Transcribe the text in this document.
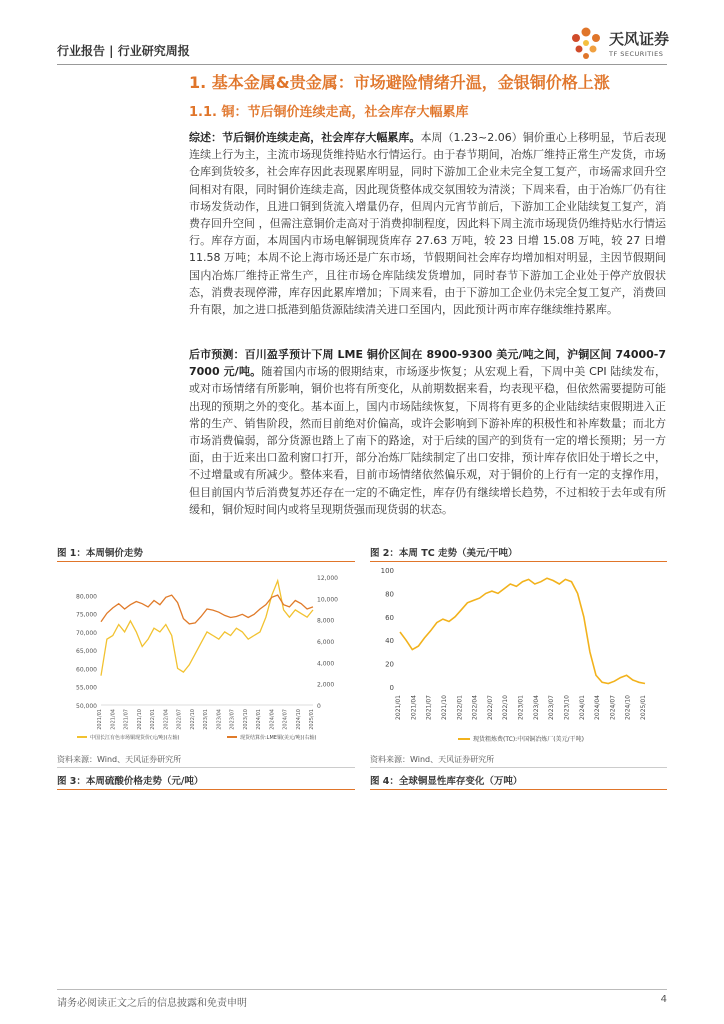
行业报告 | 行业研究周报

天风证券
TF SECURITIES
1. 基本金属&贵金属：市场避险情绪升温，金银铜价格上涨
1.1. 铜：节后铜价连续走高，社会库存大幅累库

综述：节后铜价连续走高，社会库存大幅累库。本周（1.23~2.06）铜价重心上移明显，节后表现连续上行为主，主流市场现货维持贴水行情运行。由于春节期间，冶炼厂维持正常生产发货，市场仓库到货较多，社会库存因此表现累库明显，同时下游加工企业未完全复工复产，市场需求回升空间相对有限，同时铜价连续走高，因此现货整体成交氛围较为清淡；下周来看，由于冶炼厂仍有往市场发货动作，且进口铜到货流入增量仍存，但周内元宵节前后，下游加工企业陆续复工复产，消费存回升空间 ，但需注意铜价走高对于消费抑制程度，因此料下周主流市场现货仍维持贴水行情运行。库存方面，本周国内市场电解铜现货库存 27.63 万吨，较 23 日增 15.08 万吨，较 27 日增 11.58 万吨；本周不论上海市场还是广东市场，节假期间社会库存均增加相对明显，主因节假期间国内冶炼厂维持正常生产，且往市场仓库陆续发货增加，同时春节下游加工企业处于停产放假状态，消费表现停滞，库存因此累库增加；下周来看，由于下游加工企业仍未完全复工复产，消费回升有限，加之进口抵港到船货源陆续清关进口至国内，因此预计两市库存继续维持累库。

后市预测：百川盈孚预计下周 LME 铜价区间在 8900-9300 美元/吨之间，沪铜区间 74000-77000 元/吨。随着国内市场的假期结束，市场逐步恢复；从宏观上看，下周中美 CPI 陆续发布，或对市场情绪有所影响，铜价也将有所变化，从前期数据来看，均表现平稳，但依然需要提防可能出现的预期之外的变化。基本面上，国内市场陆续恢复，下周将有更多的企业陆续结束假期进入正常的生产、销售阶段，然而目前绝对价偏高，或许会影响到下游补库的积极性和补库数量；而北方市场消费偏弱，部分货源也踏上了南下的路途，对于后续的国产的到货有一定的增长预期；另一方面，由于近来出口盈利窗口打开，部分冶炼厂陆续制定了出口安排，预计库存依旧处于增长之中，不过增量或有所减少。整体来看，目前市场情绪依然偏乐观，对于铜价的上行有一定的支撑作用，但目前国内节后消费复苏还存在一定的不确定性，库存仍有继续增长趋势，不过相较于去年或有所缓和，铜价短时间内或将呈现期货强而现货弱的状态。

图 1：本周铜价走势

50,000
55,000
60,000
65,000
70,000
75,000
80,000
0
2,000
4,000
6,000
8,000
10,000
12,000
2021/01 2021/04 2021/07 2021/10 2022/01 2022/04 2022/07 2022/10 2023/01 2023/04 2023/07 2023/10 2024/01 2024/04 2024/07 2024/10 2025/01
中国长江有色市场铜现货价(元/吨)(左轴)	现货结算价:LME铜(美元/吨)(右轴)

资料来源：Wind、天风证券研究所

图 2：本周 TC 走势（美元/干吨）

0
20
40
60
80
100
2021/01 2021/04 2021/07 2021/10 2022/01 2022/04 2022/07 2022/10 2023/01 2023/04 2023/07 2023/10 2024/01 2024/04 2024/07 2024/10 2025/01
现货粗炼费(TC):中国铜冶炼厂(美元/干吨)

资料来源：Wind、天风证券研究所

图 3：本周硫酸价格走势（元/吨）	图 4：全球铜显性库存变化（万吨）

请务必阅读正文之后的信息披露和免责申明	4
